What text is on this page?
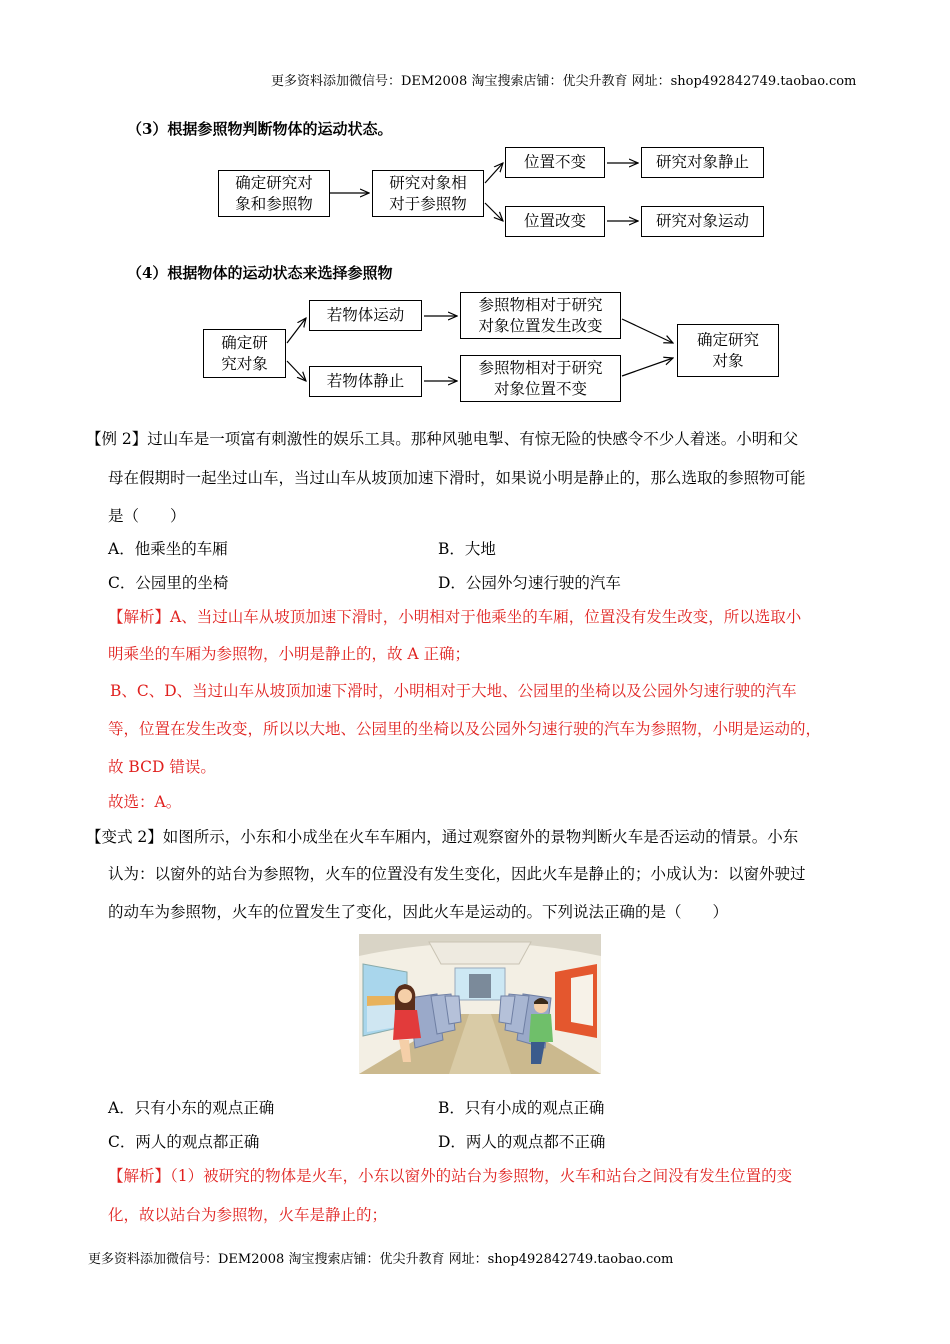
更多资料添加微信号：DEM2008 淘宝搜索店铺：优尖升教育 网址：shop492842749.taobao.com
（3）根据参照物判断物体的运动状态。
确定研究对
象和参照物
研究对象相
对于参照物
位置不变
位置改变
研究对象静止
研究对象运动
（4）根据物体的运动状态来选择参照物
确定研
究对象
若物体运动
若物体静止
参照物相对于研究
对象位置发生改变
参照物相对于研究
对象位置不变
确定研究
对象
【例 2】过山车是一项富有刺激性的娱乐工具。那种风驰电掣、有惊无险的快感令不少人着迷。小明和父
母在假期时一起坐过山车，当过山车从坡顶加速下滑时，如果说小明是静止的，那么选取的参照物可能
是（　　）
A．他乘坐的车厢	B．大地
C．公园里的坐椅	D．公园外匀速行驶的汽车
【解析】A、当过山车从坡顶加速下滑时，小明相对于他乘坐的车厢，位置没有发生改变，所以选取小
明乘坐的车厢为参照物，小明是静止的，故 A 正确；
B、C、D、当过山车从坡顶加速下滑时，小明相对于大地、公园里的坐椅以及公园外匀速行驶的汽车
等，位置在发生改变，所以以大地、公园里的坐椅以及公园外匀速行驶的汽车为参照物，小明是运动的，
故 BCD 错误。
故选：A。
【变式 2】如图所示，小东和小成坐在火车车厢内，通过观察窗外的景物判断火车是否运动的情景。小东
认为：以窗外的站台为参照物，火车的位置没有发生变化，因此火车是静止的；小成认为：以窗外驶过
的动车为参照物，火车的位置发生了变化，因此火车是运动的。下列说法正确的是（　　）
A．只有小东的观点正确	B．只有小成的观点正确
C．两人的观点都正确	D．两人的观点都不正确
【解析】（1）被研究的物体是火车，小东以窗外的站台为参照物，火车和站台之间没有发生位置的变
化，故以站台为参照物，火车是静止的；
更多资料添加微信号：DEM2008 淘宝搜索店铺：优尖升教育 网址：shop492842749.taobao.com
